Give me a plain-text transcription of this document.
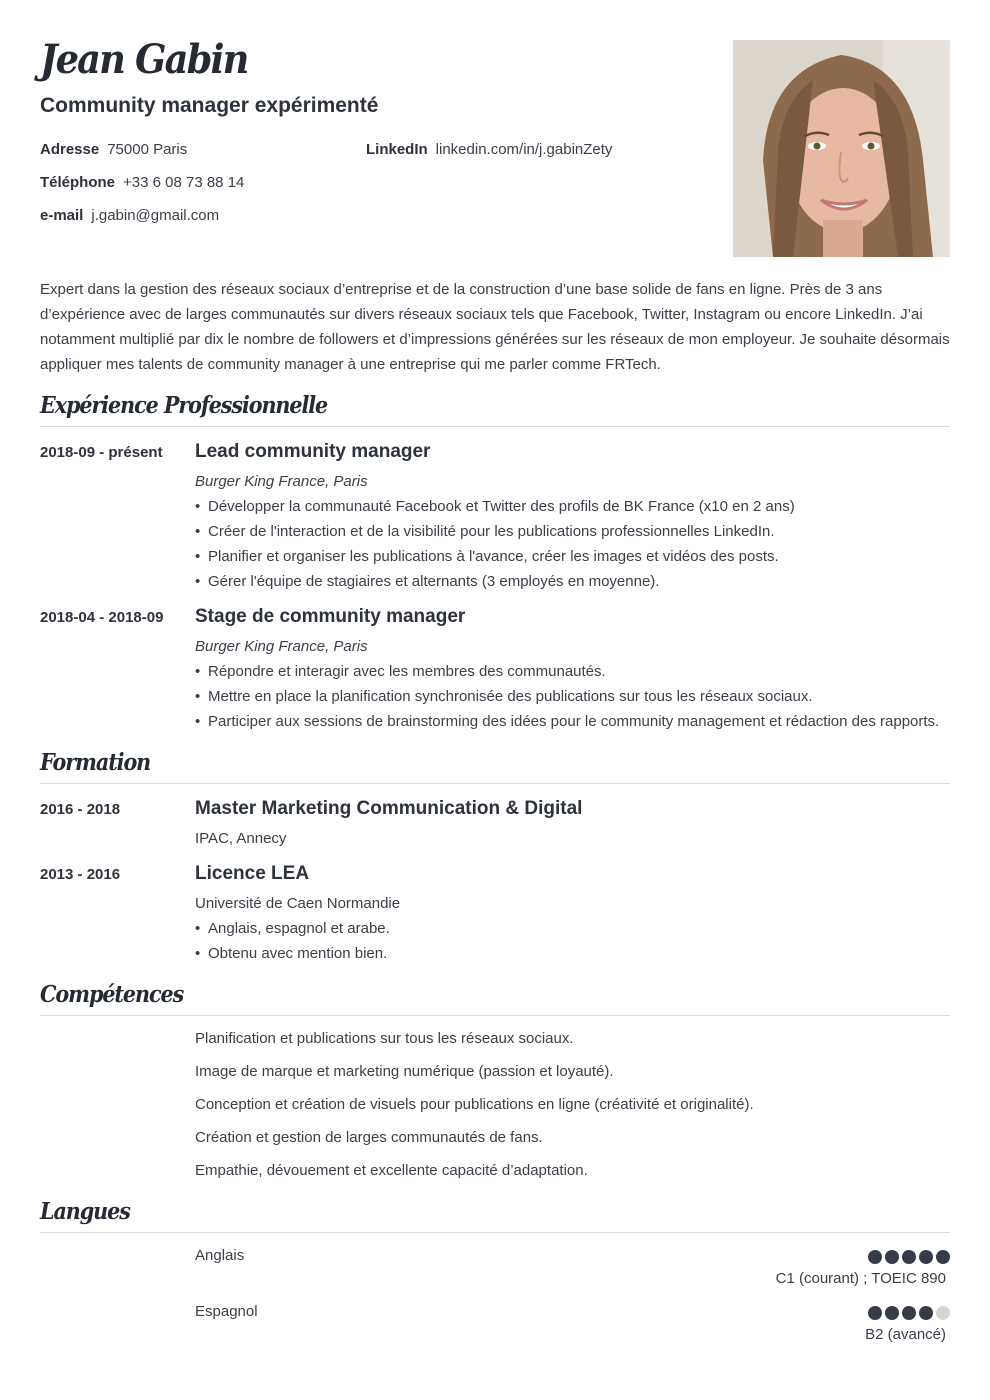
Jean Gabin
Community manager expérimenté
Adresse 75000 Paris	LinkedIn linkedin.com/in/j.gabinZety
Téléphone +33 6 08 73 88 14
e-mail j.gabin@gmail.com

Expert dans la gestion des réseaux sociaux d’entreprise et de la construction d’une base solide de fans en ligne. Près de 3 ans d’expérience avec de larges communautés sur divers réseaux sociaux tels que Facebook, Twitter, Instagram ou encore LinkedIn. J’ai notamment multiplié par dix le nombre de followers et d’impressions générées sur les réseaux de mon employeur. Je souhaite désormais appliquer mes talents de community manager à une entreprise qui me parler comme FRTech.

Expérience Professionnelle
2018-09 - présent Lead community manager
Burger King France, Paris
• Développer la communauté Facebook et Twitter des profils de BK France (x10 en 2 ans)
• Créer de l'interaction et de la visibilité pour les publications professionnelles LinkedIn.
• Planifier et organiser les publications à l'avance, créer les images et vidéos des posts.
• Gérer l'équipe de stagiaires et alternants (3 employés en moyenne).
2018-04 - 2018-09 Stage de community manager
Burger King France, Paris
• Répondre et interagir avec les membres des communautés.
• Mettre en place la planification synchronisée des publications sur tous les réseaux sociaux.
• Participer aux sessions de brainstorming des idées pour le community management et rédaction des rapports.
Formation
2016 - 2018	Master Marketing Communication & Digital
IPAC, Annecy
2013 - 2016	Licence LEA
Université de Caen Normandie
• Anglais, espagnol et arabe.
• Obtenu avec mention bien.
Compétences
Planification et publications sur tous les réseaux sociaux.
Image de marque et marketing numérique (passion et loyauté).
Conception et création de visuels pour publications en ligne (créativité et originalité).
Création et gestion de larges communautés de fans.
Empathie, dévouement et excellente capacité d’adaptation.
Langues
Anglais
C1 (courant) ; TOEIC 890
Espagnol
B2 (avancé)
